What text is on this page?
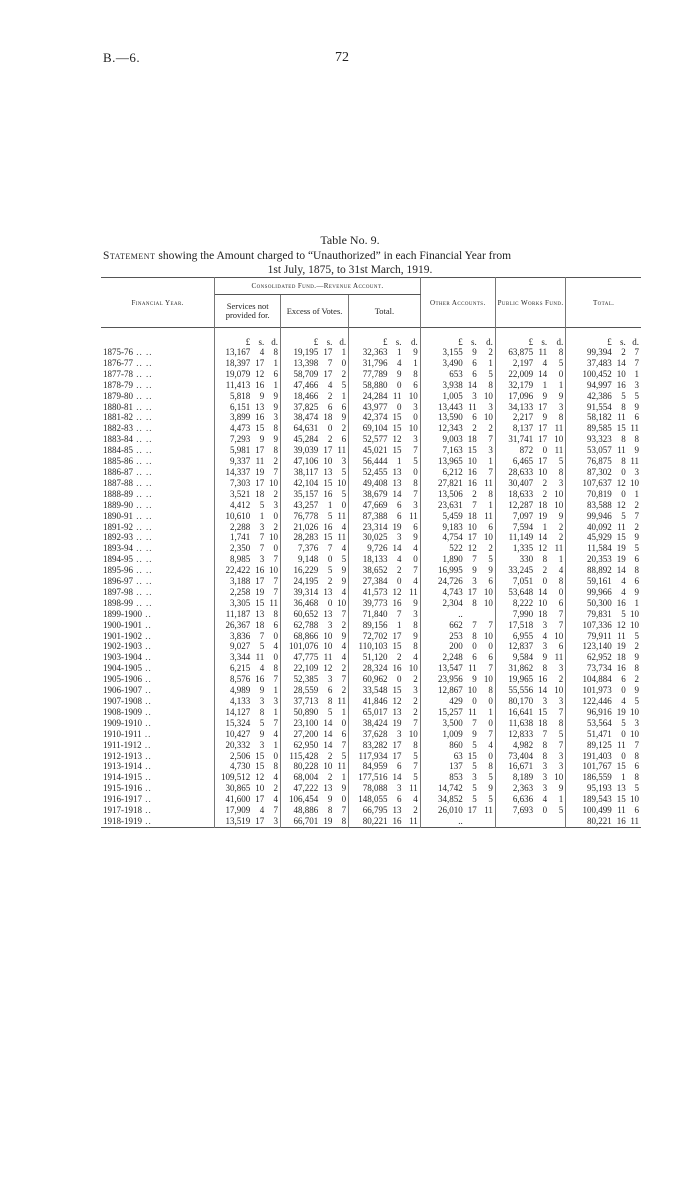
B.—6.	72
Table No. 9.
Statement showing the Amount charged to “Unauthorized” in each Financial Year from
1st July, 1875, to 31st March, 1919.
Financial Year.	Consolidated Fund.—Revenue Account.									Other Accounts.			Public Works Fund.			Total.		
	Services not provided for.			Excess of Votes.			Total.											

	£	s.	d.	£	s.	d.	£	s.	d.	£	s.	d.	£	s.	d.	£	s.	d.
1875-76 .. ..	13,167	4	8	19,195	17	1	32,363	1	9	3,155	9	2	63,875	11	8	99,394	2	7
1876-77 .. ..	18,397	17	1	13,398	7	0	31,796	4	1	3,490	6	1	2,197	4	5	37,483	14	7
1877-78 .. ..	19,079	12	6	58,709	17	2	77,789	9	8	653	6	5	22,009	14	0	100,452	10	1
1878-79 .. ..	11,413	16	1	47,466	4	5	58,880	0	6	3,938	14	8	32,179	1	1	94,997	16	3
1879-80 .. ..	5,818	9	9	18,466	2	1	24,284	11	10	1,005	3	10	17,096	9	9	42,386	5	5
1880-81 .. ..	6,151	13	9	37,825	6	6	43,977	0	3	13,443	11	3	34,133	17	3	91,554	8	9
1881-82 .. ..	3,899	16	3	38,474	18	9	42,374	15	0	13,590	6	10	2,217	9	8	58,182	11	6
1882-83 .. ..	4,473	15	8	64,631	0	2	69,104	15	10	12,343	2	2	8,137	17	11	89,585	15	11
1883-84 .. ..	7,293	9	9	45,284	2	6	52,577	12	3	9,003	18	7	31,741	17	10	93,323	8	8
1884-85 .. ..	5,981	17	8	39,039	17	11	45,021	15	7	7,163	15	3	872	0	11	53,057	11	9
1885-86 .. ..	9,337	11	2	47,106	10	3	56,444	1	5	13,965	10	1	6,465	17	5	76,875	8	11
1886-87 .. ..	14,337	19	7	38,117	13	5	52,455	13	0	6,212	16	7	28,633	10	8	87,302	0	3
1887-88 .. ..	7,303	17	10	42,104	15	10	49,408	13	8	27,821	16	11	30,407	2	3	107,637	12	10
1888-89 .. ..	3,521	18	2	35,157	16	5	38,679	14	7	13,506	2	8	18,633	2	10	70,819	0	1
1889-90 .. ..	4,412	5	3	43,257	1	0	47,669	6	3	23,631	7	1	12,287	18	10	83,588	12	2
1890-91 .. ..	10,610	1	0	76,778	5	11	87,388	6	11	5,459	18	11	7,097	19	9	99,946	5	7
1891-92 .. ..	2,288	3	2	21,026	16	4	23,314	19	6	9,183	10	6	7,594	1	2	40,092	11	2
1892-93 .. ..	1,741	7	10	28,283	15	11	30,025	3	9	4,754	17	10	11,149	14	2	45,929	15	9
1893-94 .. ..	2,350	7	0	7,376	7	4	9,726	14	4	522	12	2	1,335	12	11	11,584	19	5
1894-95 .. ..	8,985	3	7	9,148	0	5	18,133	4	0	1,890	7	5	330	8	1	20,353	19	6
1895-96 .. ..	22,422	16	10	16,229	5	9	38,652	2	7	16,995	9	9	33,245	2	4	88,892	14	8
1896-97 .. ..	3,188	17	7	24,195	2	9	27,384	0	4	24,726	3	6	7,051	0	8	59,161	4	6
1897-98 .. ..	2,258	19	7	39,314	13	4	41,573	12	11	4,743	17	10	53,648	14	0	99,966	4	9
1898-99 .. ..	3,305	15	11	36,468	0	10	39,773	16	9	2,304	8	10	8,222	10	6	50,300	16	1
1899-1900 ..	11,187	13	8	60,652	13	7	71,840	7	3	..			7,990	18	7	79,831	5	10
1900-1901 ..	26,367	18	6	62,788	3	2	89,156	1	8	662	7	7	17,518	3	7	107,336	12	10
1901-1902 ..	3,836	7	0	68,866	10	9	72,702	17	9	253	8	10	6,955	4	10	79,911	11	5
1902-1903 ..	9,027	5	4	101,076	10	4	110,103	15	8	200	0	0	12,837	3	6	123,140	19	2
1903-1904 ..	3,344	11	0	47,775	11	4	51,120	2	4	2,248	6	6	9,584	9	11	62,952	18	9
1904-1905 ..	6,215	4	8	22,109	12	2	28,324	16	10	13,547	11	7	31,862	8	3	73,734	16	8
1905-1906 ..	8,576	16	7	52,385	3	7	60,962	0	2	23,956	9	10	19,965	16	2	104,884	6	2
1906-1907 ..	4,989	9	1	28,559	6	2	33,548	15	3	12,867	10	8	55,556	14	10	101,973	0	9
1907-1908 ..	4,133	3	3	37,713	8	11	41,846	12	2	429	0	0	80,170	3	3	122,446	4	5
1908-1909 ..	14,127	8	1	50,890	5	1	65,017	13	2	15,257	11	1	16,641	15	7	96,916	19	10
1909-1910 ..	15,324	5	7	23,100	14	0	38,424	19	7	3,500	7	0	11,638	18	8	53,564	5	3
1910-1911 ..	10,427	9	4	27,200	14	6	37,628	3	10	1,009	9	7	12,833	7	5	51,471	0	10
1911-1912 ..	20,332	3	1	62,950	14	7	83,282	17	8	860	5	4	4,982	8	7	89,125	11	7
1912-1913 ..	2,506	15	0	115,428	2	5	117,934	17	5	63	15	0	73,404	8	3	191,403	0	8
1913-1914 ..	4,730	15	8	80,228	10	11	84,959	6	7	137	5	8	16,671	3	3	101,767	15	6
1914-1915 ..	109,512	12	4	68,004	2	1	177,516	14	5	853	3	5	8,189	3	10	186,559	1	8
1915-1916 ..	30,865	10	2	47,222	13	9	78,088	3	11	14,742	5	9	2,363	3	9	95,193	13	5
1916-1917 ..	41,600	17	4	106,454	9	0	148,055	6	4	34,852	5	5	6,636	4	1	189,543	15	10
1917-1918 ..	17,909	4	7	48,886	8	7	66,795	13	2	26,010	17	11	7,693	0	5	100,499	11	6
1918-1919 ..	13,519	17	3	66,701	19	8	80,221	16	11	..						80,221	16	11
